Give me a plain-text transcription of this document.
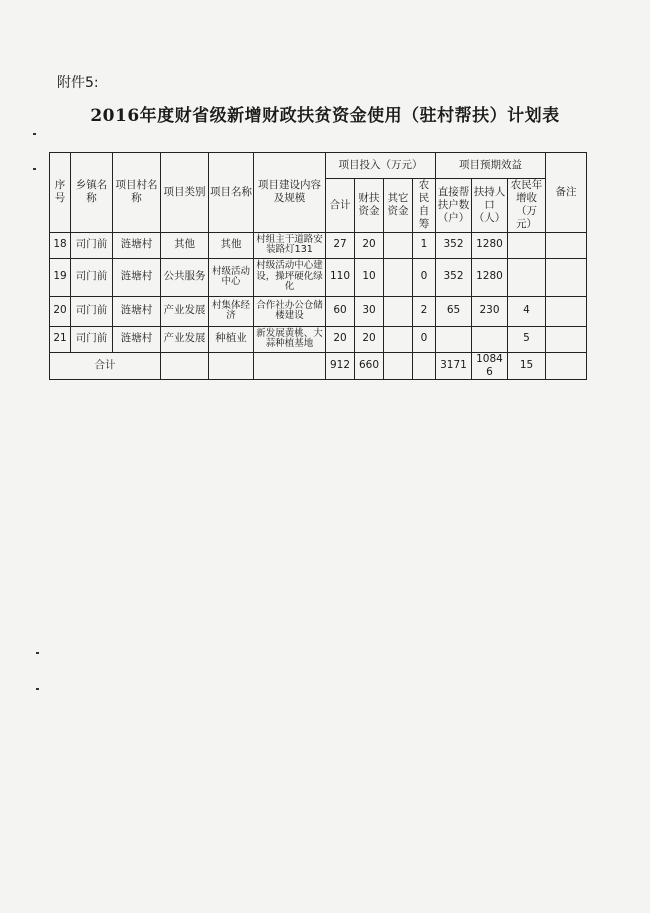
附件5:
2016年度财省级新增财政扶贫资金使用（驻村帮扶）计划表
序号	乡镇名称	项目村名称	项目类别	项目名称	项目建设内容及规模	项目投入（万元）				项目预期效益			备注
						合计	财扶资金	其它资金	农民自筹	直接帮扶户数（户）	扶持人口（人）	农民年增收（万元）	
18	司门前	涟塘村	其他	其他	村组主干道路安装路灯131	27	20		1	352	1280		
19	司门前	涟塘村	公共服务	村级活动中心	村级活动中心建设，操坪硬化绿化	110	10		0	352	1280		
20	司门前	涟塘村	产业发展	村集体经济	合作社办公仓储楼建设	60	30		2	65	230	4	
21	司门前	涟塘村	产业发展	种植业	新发展黄桃、大蒜种植基地	20	20		0			5	
合计						912	660			3171	10846	15	
